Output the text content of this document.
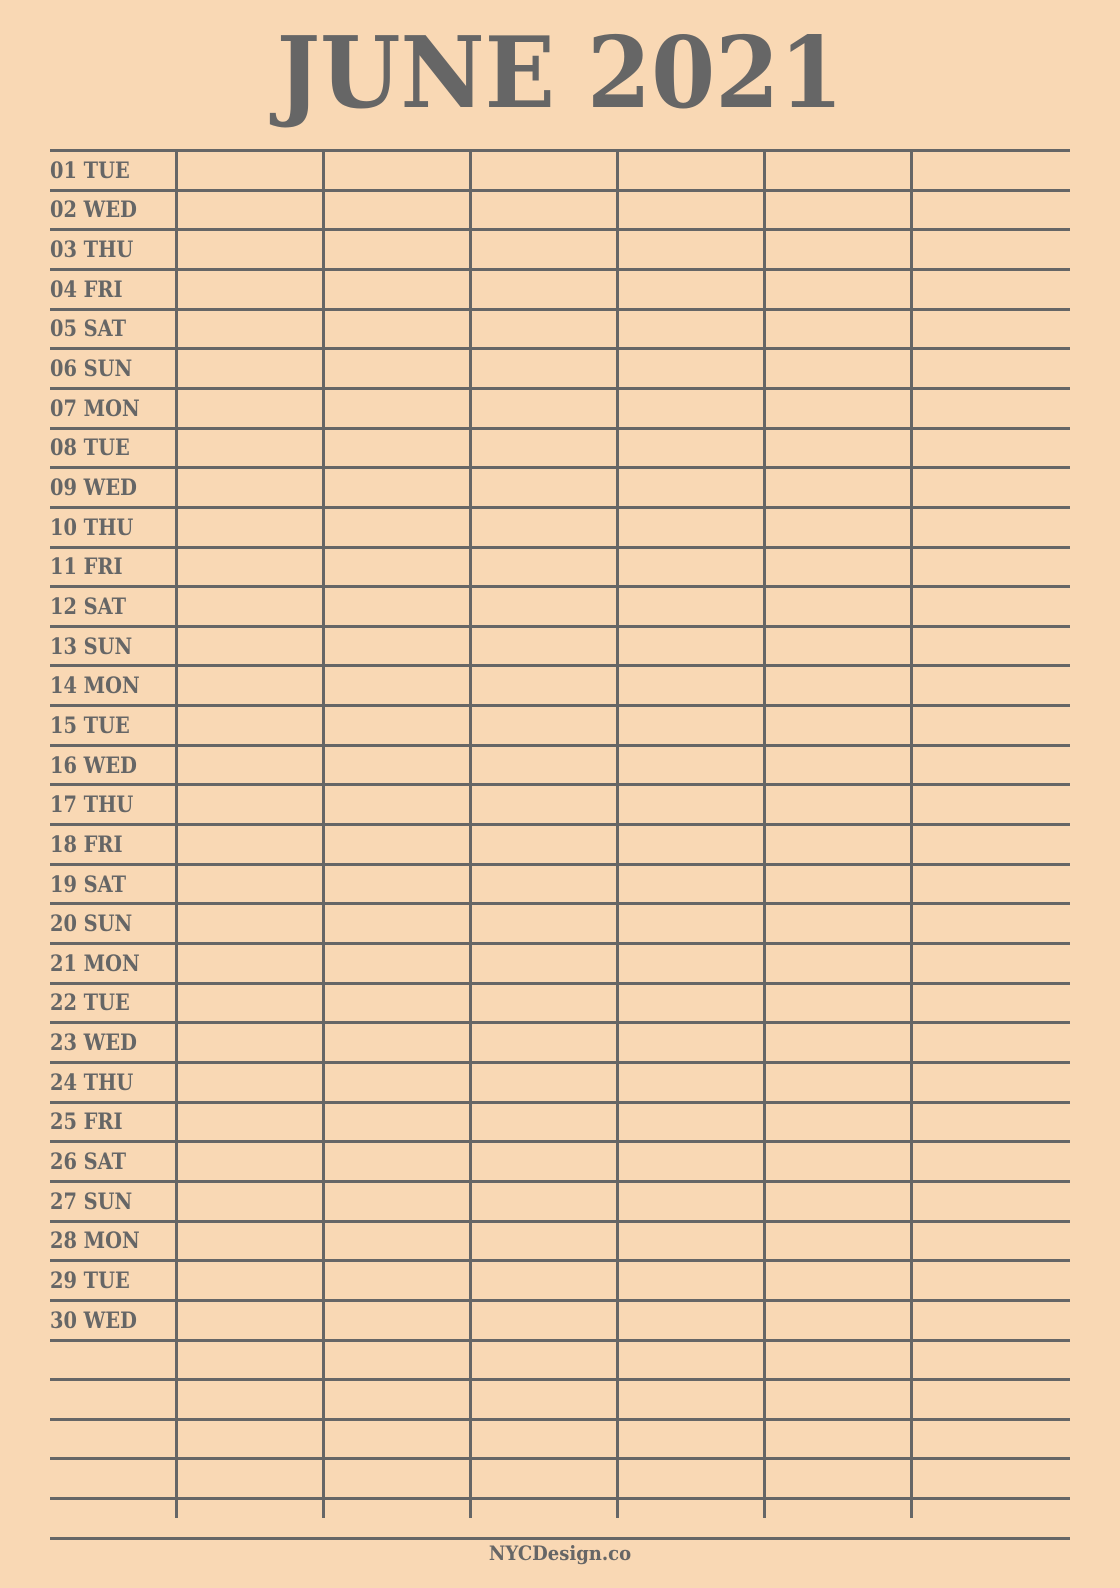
JUNE 2021
01 TUE
02 WED
03 THU
04 FRI
05 SAT
06 SUN
07 MON
08 TUE
09 WED
10 THU
11 FRI
12 SAT
13 SUN
14 MON
15 TUE
16 WED
17 THU
18 FRI
19 SAT
20 SUN
21 MON
22 TUE
23 WED
24 THU
25 FRI
26 SAT
27 SUN
28 MON
29 TUE
30 WED
NYCDesign.co
